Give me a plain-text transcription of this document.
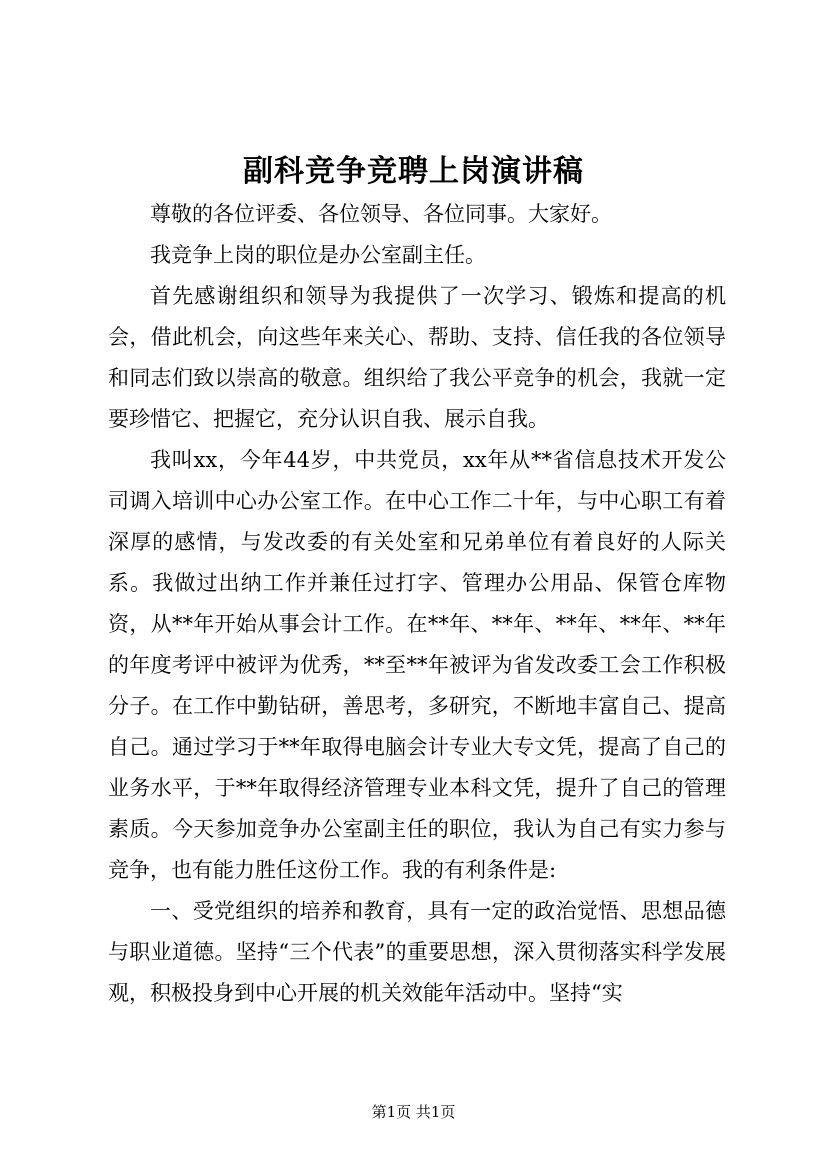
副科竞争竞聘上岗演讲稿

尊敬的各位评委、各位领导、各位同事。大家好。

我竞争上岗的职位是办公室副主任。

首先感谢组织和领导为我提供了一次学习、锻炼和提高的机会，借此机会，向这些年来关心、帮助、支持、信任我的各位领导和同志们致以崇高的敬意。组织给了我公平竞争的机会，我就一定要珍惜它、把握它，充分认识自我、展示自我。

我叫xx，今年44岁，中共党员，xx年从**省信息技术开发公司调入培训中心办公室工作。在中心工作二十年，与中心职工有着深厚的感情，与发改委的有关处室和兄弟单位有着良好的人际关系。我做过出纳工作并兼任过打字、管理办公用品、保管仓库物资，从**年开始从事会计工作。在**年、**年、**年、**年、**年的年度考评中被评为优秀，**至**年被评为省发改委工会工作积极分子。在工作中勤钻研，善思考，多研究，不断地丰富自己、提高自己。通过学习于**年取得电脑会计专业大专文凭，提高了自己的业务水平，于**年取得经济管理专业本科文凭，提升了自己的管理素质。今天参加竞争办公室副主任的职位，我认为自己有实力参与竞争，也有能力胜任这份工作。我的有利条件是:

一、受党组织的培养和教育，具有一定的政治觉悟、思想品德与职业道德。坚持“三个代表”的重要思想，深入贯彻落实科学发展观，积极投身到中心开展的机关效能年活动中。坚持“实

第1页 共1页
